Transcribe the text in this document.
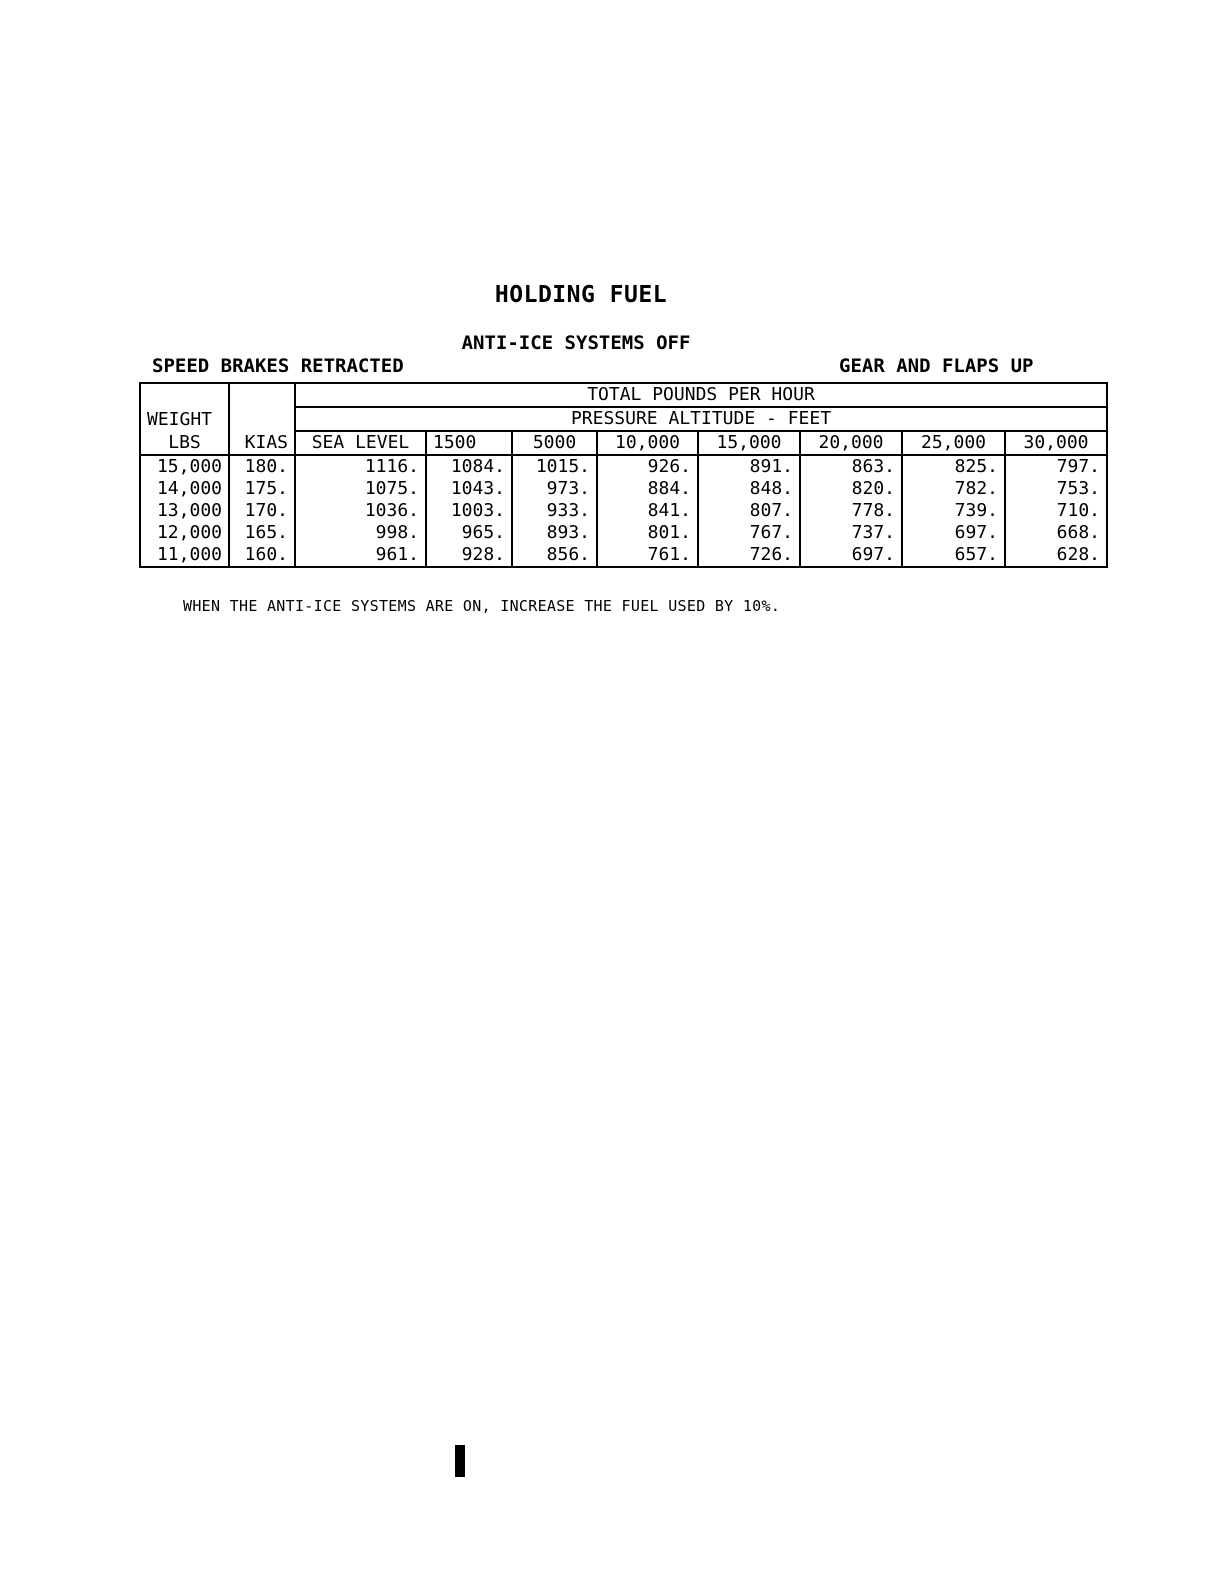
HOLDING FUEL
ANTI-ICE SYSTEMS OFF
SPEED BRAKES RETRACTED	GEAR AND FLAPS UP
		TOTAL POUNDS PER HOUR							
WEIGHT		PRESSURE ALTITUDE - FEET							
LBS	KIAS	SEA LEVEL	1500	5000	10,000	15,000	20,000	25,000	30,000
15,000	180.	1116.	1084.	1015.	926.	891.	863.	825.	797.
14,000	175.	1075.	1043.	973.	884.	848.	820.	782.	753.
13,000	170.	1036.	1003.	933.	841.	807.	778.	739.	710.
12,000	165.	998.	965.	893.	801.	767.	737.	697.	668.
11,000	160.	961.	928.	856.	761.	726.	697.	657.	628.
WHEN THE ANTI-ICE SYSTEMS ARE ON, INCREASE THE FUEL USED BY 10%.
